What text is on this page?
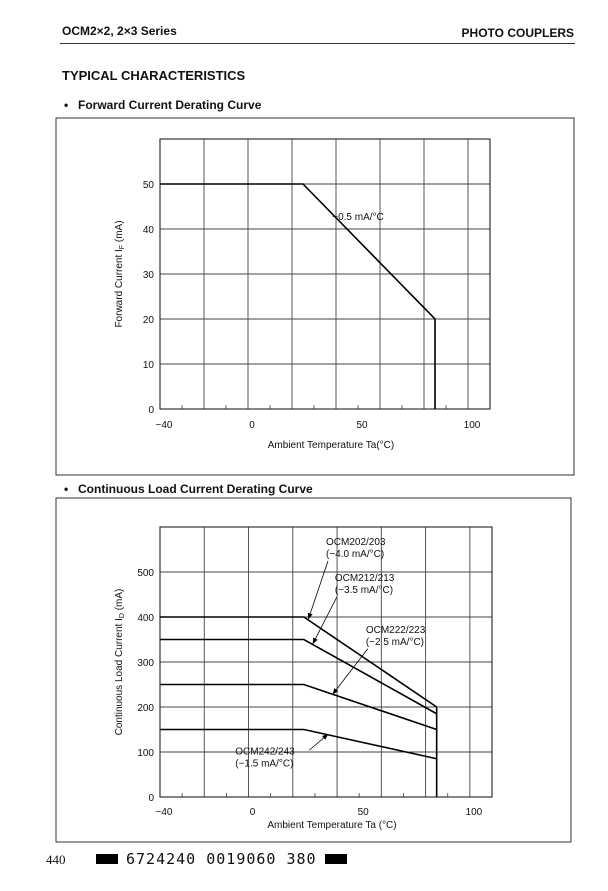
OCM2×2, 2×3 Series	PHOTO COUPLERS
TYPICAL CHARACTERISTICS
• Forward Current Derating Curve
• Continuous Load Current Derating Curve
−40	0	50	100
0
10
20
30
40
50
Ambient Temperature Ta(°C)
Forward Current $I_F$ (mA)
−0.5 mA/°C
−40	0	50	100
0
100
200
300
400
500
Ambient Temperature Ta (°C)
Continuous Load Current $I_D$ (mA)
OCM202/203
(−4.0 mA/°C)
OCM212/213
(−3.5 mA/°C)
OCM222/223
(−2 5 mA/°C)
OCM242/243
(−1.5 mA/°C)
440	6724240 0019060 380
